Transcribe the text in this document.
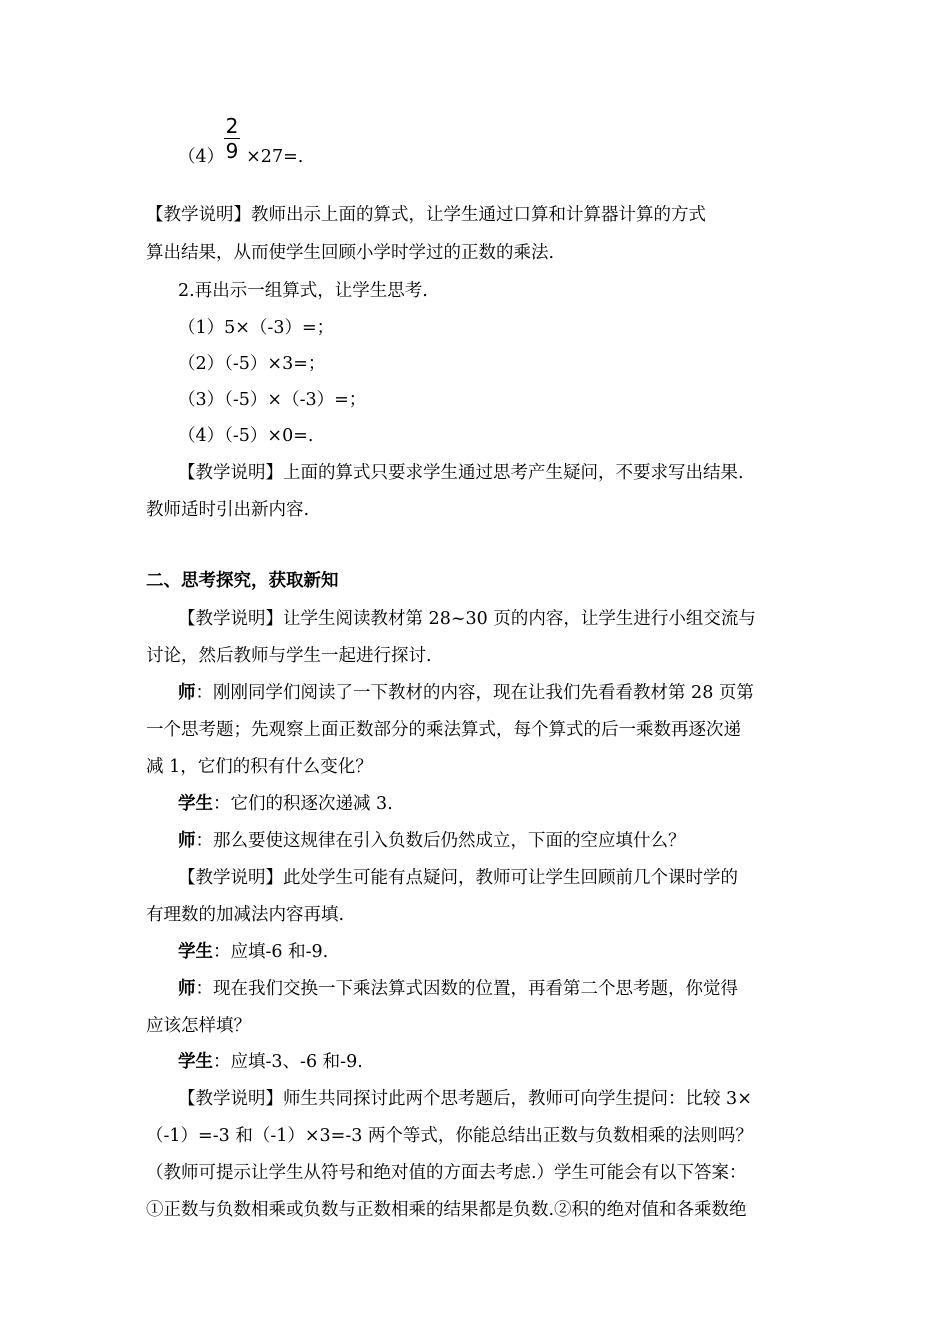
2
9
（4） ×27=.
【教学说明】教师出示上面的算式，让学生通过口算和计算器计算的方式
算出结果，从而使学生回顾小学时学过的正数的乘法.
2.再出示一组算式，让学生思考.
（1）5×（-3）=；
（2）（-5）×3=；
（3）（-5）×（-3）=；
（4）（-5）×0=.
【教学说明】上面的算式只要求学生通过思考产生疑问，不要求写出结果.
教师适时引出新内容.
二、思考探究，获取新知
【教学说明】让学生阅读教材第 28~30 页的内容，让学生进行小组交流与
讨论，然后教师与学生一起进行探讨.
师：刚刚同学们阅读了一下教材的内容，现在让我们先看看教材第 28 页第
一个思考题；先观察上面正数部分的乘法算式，每个算式的后一乘数再逐次递
减 1，它们的积有什么变化？
学生：它们的积逐次递减 3.
师：那么要使这规律在引入负数后仍然成立，下面的空应填什么？
【教学说明】此处学生可能有点疑问，教师可让学生回顾前几个课时学的
有理数的加减法内容再填.
学生：应填-6 和-9.
师：现在我们交换一下乘法算式因数的位置，再看第二个思考题，你觉得
应该怎样填？
学生：应填-3、-6 和-9.
【教学说明】师生共同探讨此两个思考题后，教师可向学生提问：比较 3×
（-1）=-3 和（-1）×3=-3 两个等式，你能总结出正数与负数相乘的法则吗？
（教师可提示让学生从符号和绝对值的方面去考虑.）学生可能会有以下答案：
①正数与负数相乘或负数与正数相乘的结果都是负数.②积的绝对值和各乘数绝
